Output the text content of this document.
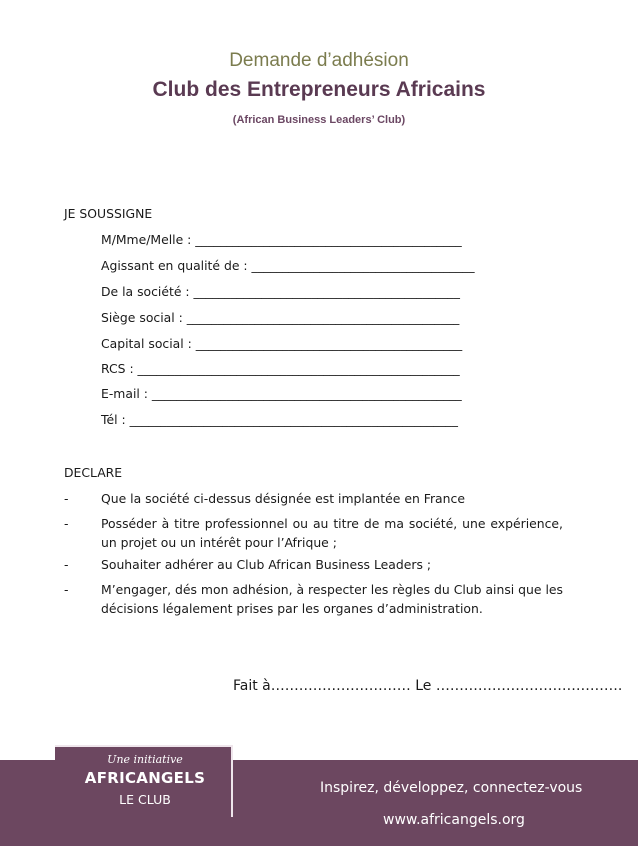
Demande d’adhésion
Club des Entrepreneurs Africains
(African Business Leaders’ Club)
JE SOUSSIGNE
M/Mme/Melle : ___________________________________________
Agissant en qualité de : ____________________________________
De la société : ___________________________________________
Siège social : ____________________________________________
Capital social : ___________________________________________
RCS : ____________________________________________________
E-mail : __________________________________________________
Tél : _____________________________________________________
DECLARE
-	Que la société ci-dessus désignée est implantée en France
-	Posséder à titre professionnel ou au titre de ma société, une expérience, un projet ou un intérêt pour l’Afrique ;
-	Souhaiter adhérer au Club African Business Leaders ;
-	M’engager, dés mon adhésion, à respecter les règles du Club ainsi que les décisions légalement prises par les organes d’administration.
Fait à………………………… Le ………………………………….
Une initiative
AFRICANGELS
LE CLUB
Inspirez, développez, connectez-vous
www.africangels.org
